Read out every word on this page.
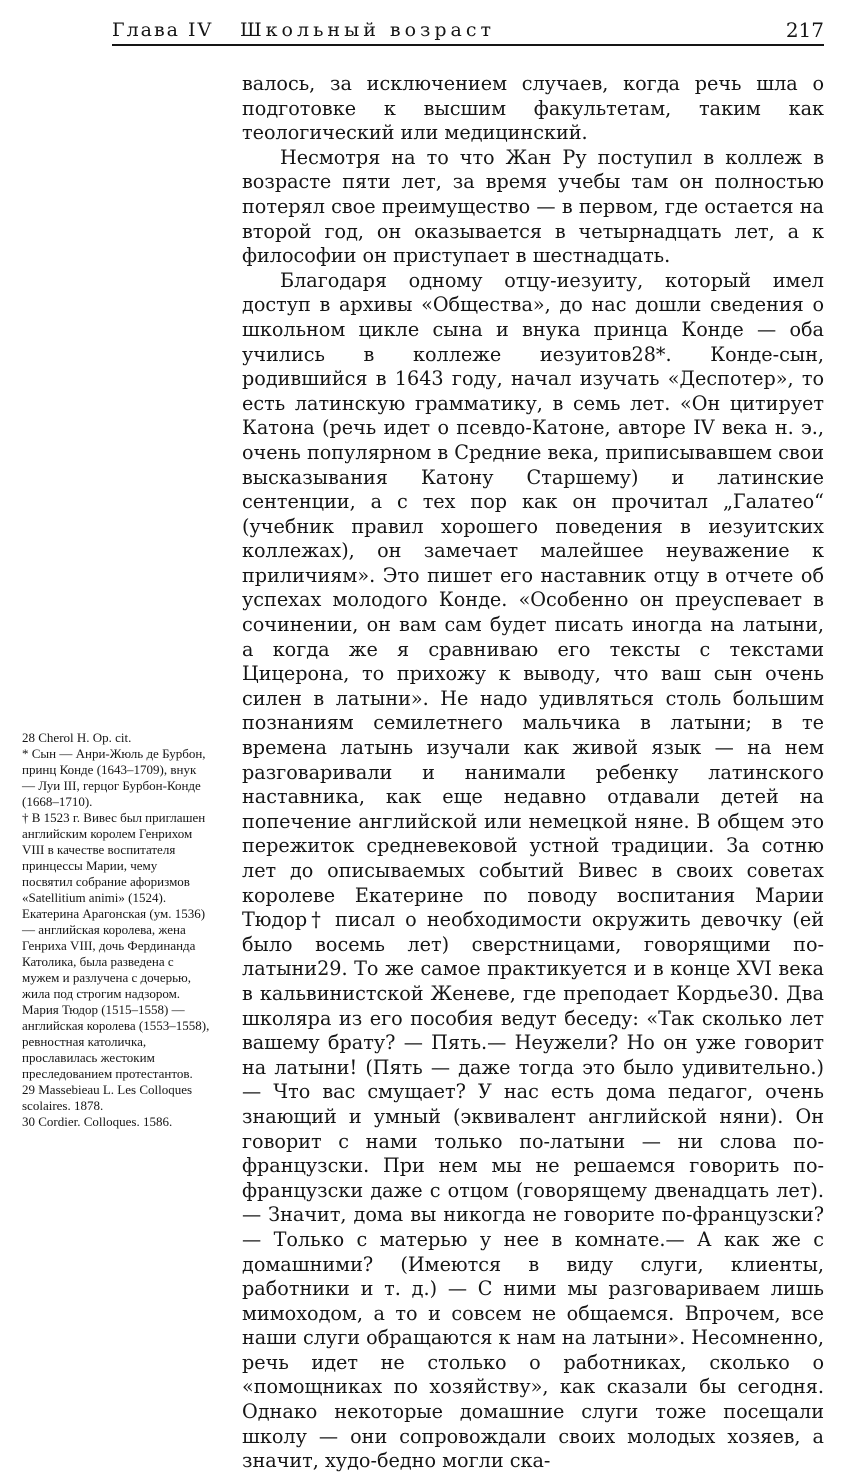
Глава IV Школьный возраст	217

валось, за исключением случаев, когда речь шла о подготовке к высшим факультетам, таким как теологический или медицинский.

Несмотря на то что Жан Ру поступил в коллеж в возрасте пяти лет, за время учебы там он полностью потерял свое преимущество — в первом, где остается на второй год, он оказывается в четырнадцать лет, а к философии он приступает в шестнадцать.

Благодаря одному отцу-иезуиту, который имел доступ в архивы «Общества», до нас дошли сведения о школьном цикле сына и внука принца Конде — оба учились в коллеже иезуитов28*. Конде-сын, родившийся в 1643 году, начал изучать «Деспотер», то есть латинскую грамматику, в семь лет. «Он цитирует Катона (речь идет о псевдо-Катоне, авторе IV века н. э., очень популярном в Средние века, приписывавшем свои высказывания Катону Старшему) и латинские сентенции, а с тех пор как он прочитал „Галатео“ (учебник правил хорошего поведения в иезуитских коллежах), он замечает малейшее неуважение к приличиям». Это пишет его наставник отцу в отчете об успехах молодого Конде. «Особенно он преуспевает в сочинении, он вам сам будет писать иногда на латыни, а когда же я сравниваю его тексты с текстами Цицерона, то прихожу к выводу, что ваш сын очень силен в латыни». Не надо удивляться столь большим познаниям семилетнего мальчика в латыни; в те времена латынь изучали как живой язык — на нем разговаривали и нанимали ребенку латинского наставника, как еще недавно отдавали детей на попечение английской или немецкой няне. В общем это пережиток средневековой устной традиции. За сотню лет до описываемых событий Вивес в своих советах королеве Екатерине по поводу воспитания Марии Тюдор† писал о необходимости окружить девочку (ей было восемь лет) сверстницами, говорящими по-латыни29. То же самое практикуется и в конце XVI века в кальвинистской Женеве, где преподает Кордье30. Два школяра из его пособия ведут беседу: «Так сколько лет вашему брату? — Пять.— Неужели? Но он уже говорит на латыни! (Пять — даже тогда это было удивительно.) — Что вас смущает? У нас есть дома педагог, очень знающий и умный (эквивалент английской няни). Он говорит с нами только по-латыни — ни слова по-французски. При нем мы не решаемся говорить по-французски даже с отцом (говорящему двенадцать лет).— Значит, дома вы никогда не говорите по-французски? — Только с матерью у нее в комнате.— А как же с домашними? (Имеются в виду слуги, клиенты, работники и т. д.) — С ними мы разговариваем лишь мимоходом, а то и совсем не общаемся. Впрочем, все наши слуги обращаются к нам на латыни». Несомненно, речь идет не столько о работниках, сколько о «помощниках по хозяйству», как сказали бы сегодня. Однако некоторые домашние слуги тоже посещали школу — они сопровождали своих молодых хозяев, а значит, худо-бедно могли ска-

28 Cherol H. Op. cit.

* Сын — Анри-Жюль де Бурбон, принц Конде (1643–1709), внук — Луи III, герцог Бурбон-Конде (1668–1710).

† В 1523 г. Вивес был приглашен английским королем Генрихом VIII в качестве воспитателя принцессы Марии, чему посвятил собрание афоризмов «Satellitium animi» (1524). Екатерина Арагонская (ум. 1536) — английская королева, жена Генриха VIII, дочь Фердинанда Католика, была разведена с мужем и разлучена с дочерью, жила под строгим надзором. Мария Тюдор (1515–1558) — английская королева (1553–1558), ревностная католичка, прославилась жестоким преследованием протестантов.

29 Massebieau L. Les Colloques scolaires. 1878.

30 Cordier. Colloques. 1586.
